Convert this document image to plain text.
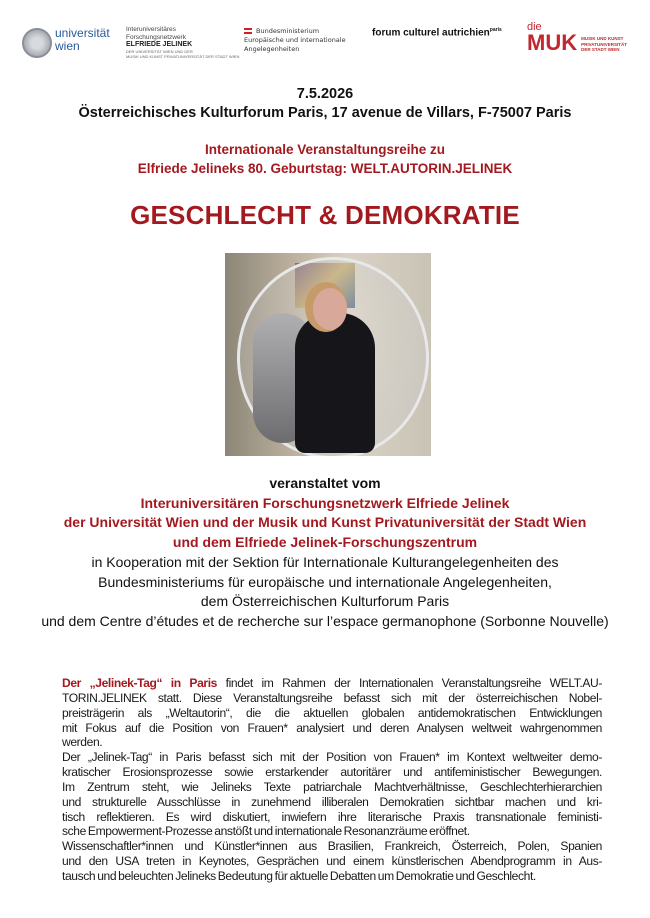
universität wien
Interuniversitäres
Forschungsnetzwerk
ELFRIEDE JELINEK
DER UNIVERSITÄT WIEN UND DER
MUSIK UND KUNST PRIVATUNIVERSITÄT DER STADT WIEN
Bundesministerium
Europäische und internationale
Angelegenheiten
forum culturel autrichien$^{paris}$ die
MUK MUSIK UND KUNST
PRIVATUNIVERSITÄT
DER STADT WIEN
7.5.2026
Österreichisches Kulturforum Paris, 17 avenue de Villars, F-75007 Paris
Internationale Veranstaltungsreihe zu
Elfriede Jelineks 80. Geburtstag: WELT.AUTORIN.JELINEK
GESCHLECHT & DEMOKRATIE
veranstaltet vom
Interuniversitären Forschungsnetzwerk Elfriede Jelinek
der Universität Wien und der Musik und Kunst Privatuniversität der Stadt Wien
und dem Elfriede Jelinek-Forschungszentrum
in Kooperation mit der Sektion für Internationale Kulturangelegenheiten des
Bundesministeriums für europäische und internationale Angelegenheiten,
dem Österreichischen Kulturforum Paris
und dem Centre d’études et de recherche sur l’espace germanophone (Sorbonne Nouvelle)
Der „Jelinek-Tag“ in Paris findet im Rahmen der Internationalen Veranstaltungsreihe WELT.AU-
TORIN.JELINEK statt. Diese Veranstaltungsreihe befasst sich mit der österreichischen Nobel-
preisträgerin als „Weltautorin“, die die aktuellen globalen antidemokratischen Entwicklungen
mit Fokus auf die Position von Frauen* analysiert und deren Analysen weltweit wahrgenommen
werden.
Der „Jelinek-Tag“ in Paris befasst sich mit der Position von Frauen* im Kontext weltweiter demo-
kratischer Erosionsprozesse sowie erstarkender autoritärer und antifeministischer Bewegungen.
Im Zentrum steht, wie Jelineks Texte patriarchale Machtverhältnisse, Geschlechterhierarchien
und strukturelle Ausschlüsse in zunehmend illiberalen Demokratien sichtbar machen und kri-
tisch reflektieren. Es wird diskutiert, inwiefern ihre literarische Praxis transnationale feministi-
sche Empowerment-Prozesse anstößt und internationale Resonanzräume eröffnet.
Wissenschaftler*innen und Künstler*innen aus Brasilien, Frankreich, Österreich, Polen, Spanien
und den USA treten in Keynotes, Gesprächen und einem künstlerischen Abendprogramm in Aus-
tausch und beleuchten Jelineks Bedeutung für aktuelle Debatten um Demokratie und Geschlecht.
